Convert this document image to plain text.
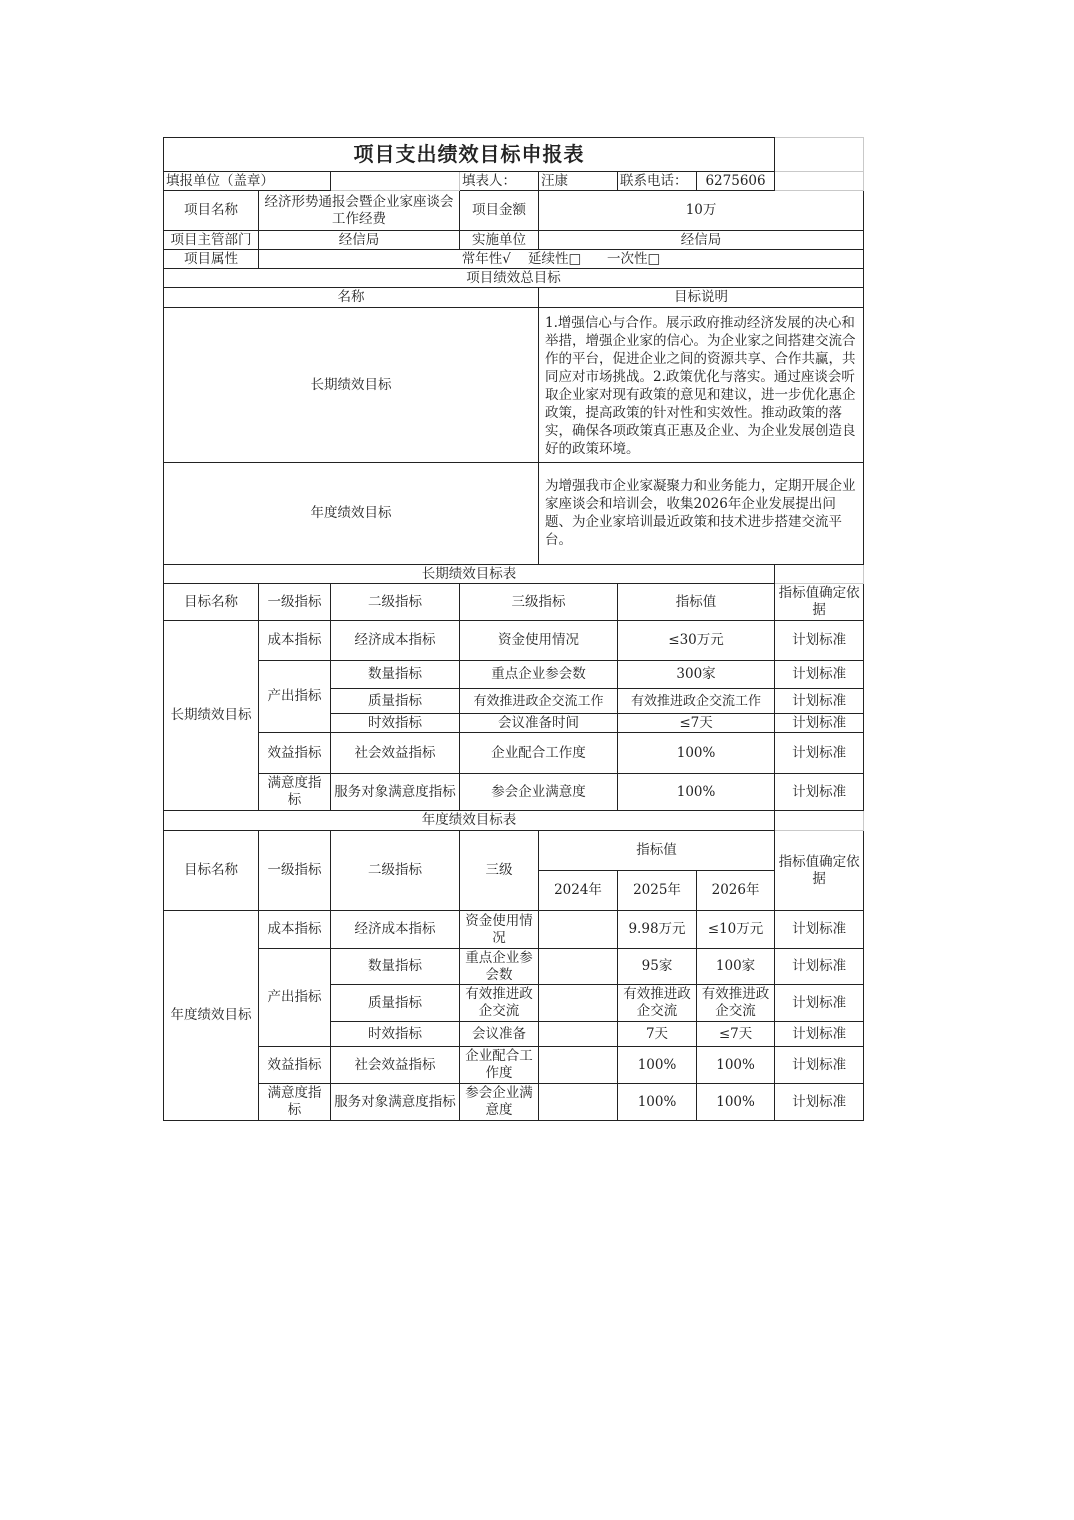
项目支出绩效目标申报表							
填报单位（盖章）			填表人：	汪康	联系电话：	6275606	
项目名称	经济形势通报会暨企业家座谈会工作经费		项目金额	10万			
项目主管部门	经信局		实施单位	经信局			
项目属性	常年性√    延续性□      一次性□						
项目绩效总目标							
名称				目标说明			
长期绩效目标				1.增强信心与合作。展示政府推动经济发展的决心和举措，增强企业家的信心。为企业家之间搭建交流合作的平台，促进企业之间的资源共享、合作共赢，共同应对市场挑战。2.政策优化与落实。通过座谈会听取企业家对现有政策的意见和建议，进一步优化惠企政策，提高政策的针对性和实效性。推动政策的落实，确保各项政策真正惠及企业、为企业发展创造良好的政策环境。			
年度绩效目标				为增强我市企业家凝聚力和业务能力，定期开展企业家座谈会和培训会，收集2026年企业发展提出问题、为企业家培训最近政策和技术进步搭建交流平台。			
长期绩效目标表							
目标名称	一级指标	二级指标	三级指标		指标值		指标值确定依据
长期绩效目标	成本指标	经济成本指标	资金使用情况		≤30万元		计划标准
	产出指标	数量指标	重点企业参会数		300家		计划标准
		质量指标	有效推进政企交流工作		有效推进政企交流工作		计划标准
		时效指标	会议准备时间		≤7天		计划标准
	效益指标	社会效益指标	企业配合工作度		100%		计划标准
	满意度指标	服务对象满意度指标	参会企业满意度		100%		计划标准
年度绩效目标表							
目标名称	一级指标	二级指标	三级	指标值			指标值确定依据
				2024年	2025年	2026年	
年度绩效目标	成本指标	经济成本指标	资金使用情况		9.98万元	≤10万元	计划标准
	产出指标	数量指标	重点企业参会数		95家	100家	计划标准
		质量指标	有效推进政企交流		有效推进政企交流	有效推进政企交流	计划标准
		时效指标	会议准备		7天	≤7天	计划标准
	效益指标	社会效益指标	企业配合工作度		100%	100%	计划标准
	满意度指标	服务对象满意度指标	参会企业满意度		100%	100%	计划标准
